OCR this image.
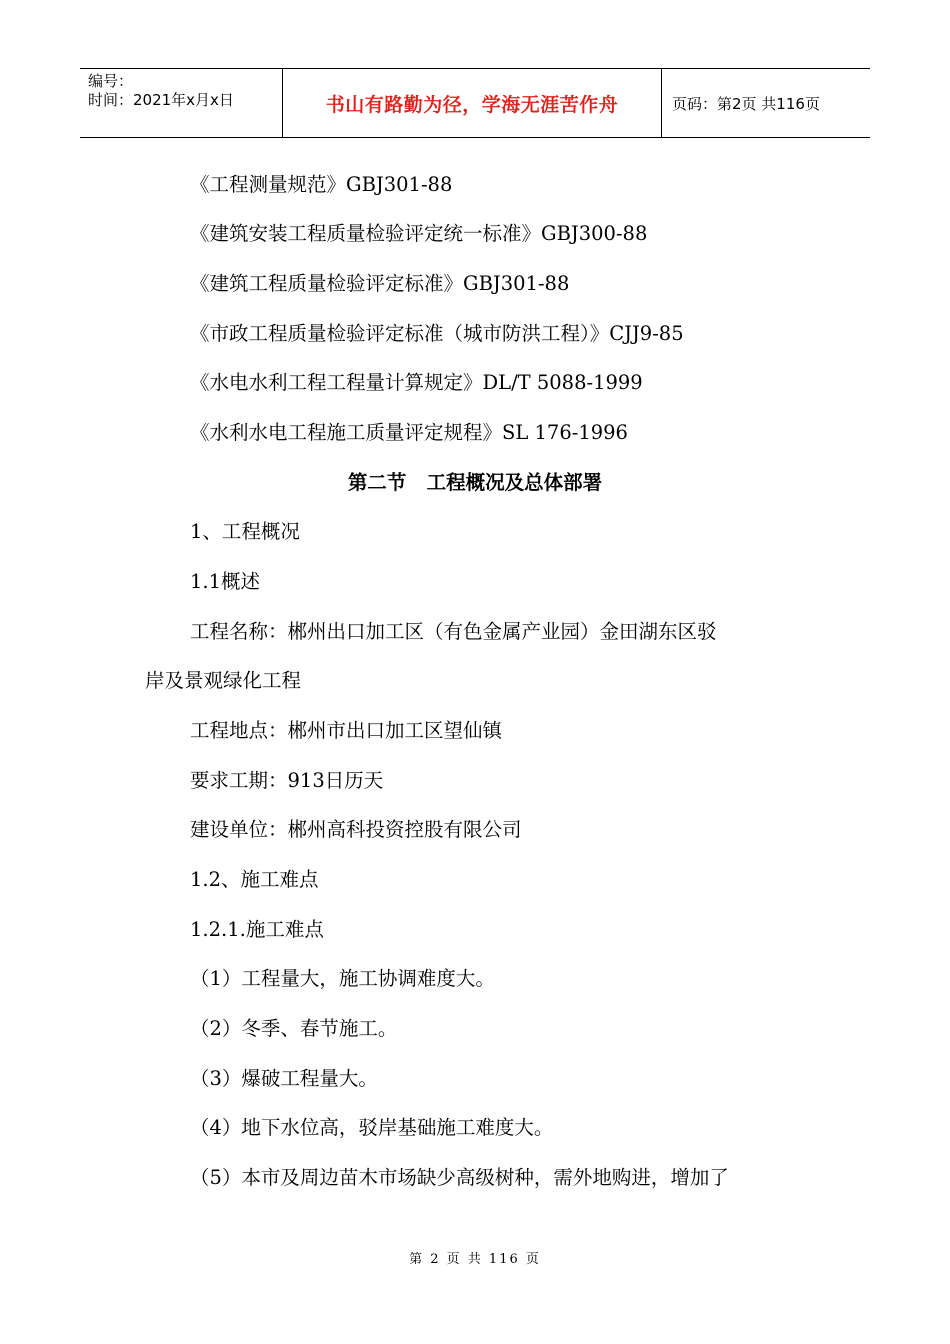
编号：
时间：2021年x月x日	书山有路勤为径，学海无涯苦作舟	页码：第2页 共116页
《工程测量规范》GBJ301-88
《建筑安装工程质量检验评定统一标准》GBJ300-88
《建筑工程质量检验评定标准》GBJ301-88
《市政工程质量检验评定标准（城市防洪工程）》CJJ9-85
《水电水利工程工程量计算规定》DL/T 5088-1999
《水利水电工程施工质量评定规程》SL 176-1996
第二节   工程概况及总体部署
1、工程概况
1.1概述
工程名称：郴州出口加工区（有色金属产业园）金田湖东区驳
岸及景观绿化工程
工程地点：郴州市出口加工区望仙镇
要求工期：913日历天
建设单位：郴州高科投资控股有限公司
1.2、施工难点
1.2.1.施工难点
（1）工程量大，施工协调难度大。
（2）冬季、春节施工。
（3）爆破工程量大。
（4）地下水位高，驳岸基础施工难度大。
（5）本市及周边苗木市场缺少高级树种，需外地购进，增加了
第 2 页 共 116 页
